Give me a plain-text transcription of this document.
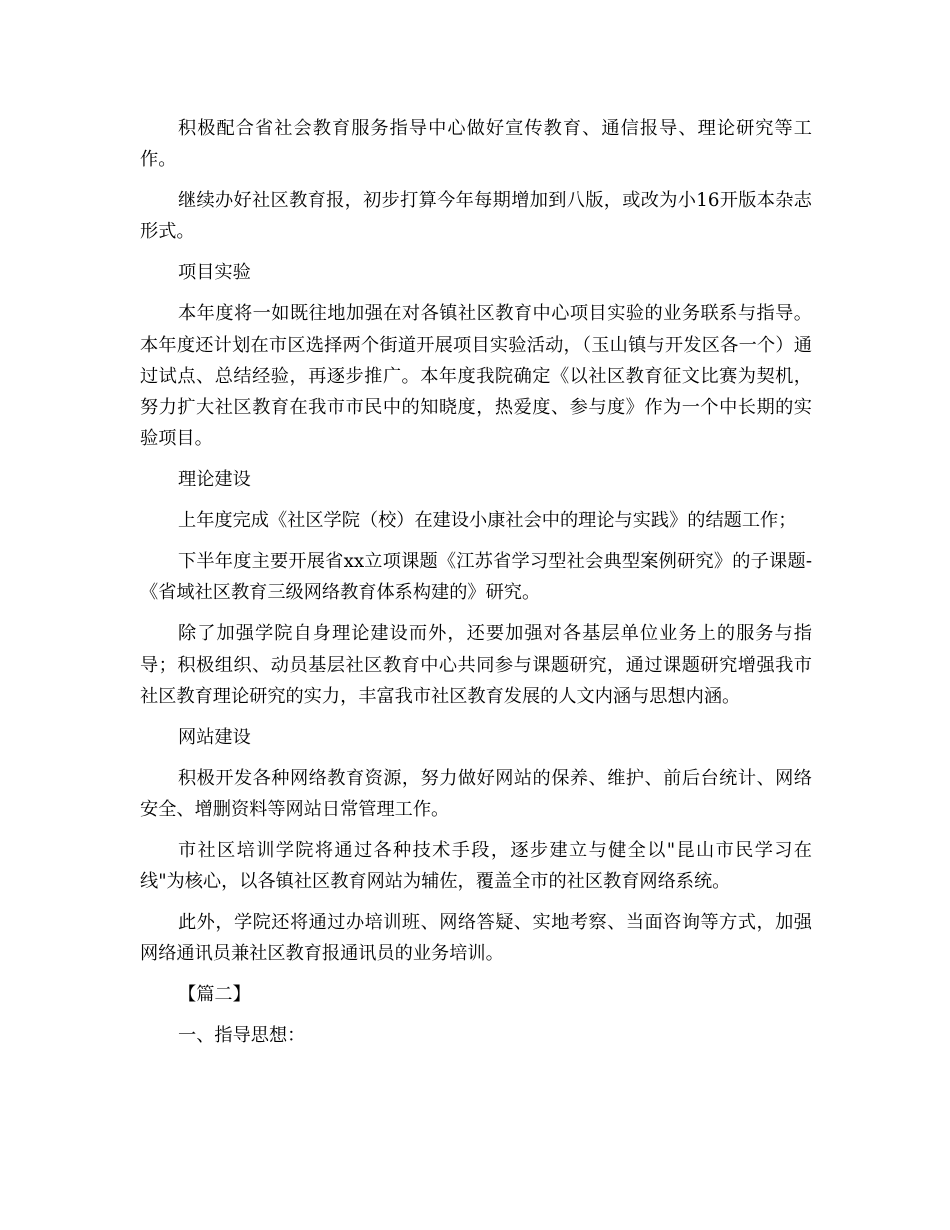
积极配合省社会教育服务指导中心做好宣传教育、通信报导、理论研究等工作。

继续办好社区教育报，初步打算今年每期增加到八版，或改为小16开版本杂志形式。

项目实验

本年度将一如既往地加强在对各镇社区教育中心项目实验的业务联系与指导。本年度还计划在市区选择两个街道开展项目实验活动，（玉山镇与开发区各一个）通过试点、总结经验，再逐步推广。本年度我院确定《以社区教育征文比赛为契机，努力扩大社区教育在我市市民中的知晓度，热爱度、参与度》作为一个中长期的实验项目。

理论建设

上年度完成《社区学院（校）在建设小康社会中的理论与实践》的结题工作；

下半年度主要开展省xx立项课题《江苏省学习型社会典型案例研究》的子课题-《省域社区教育三级网络教育体系构建的》研究。

除了加强学院自身理论建设而外，还要加强对各基层单位业务上的服务与指导；积极组织、动员基层社区教育中心共同参与课题研究，通过课题研究增强我市社区教育理论研究的实力，丰富我市社区教育发展的人文内涵与思想内涵。

网站建设

积极开发各种网络教育资源，努力做好网站的保养、维护、前后台统计、网络安全、增删资料等网站日常管理工作。

市社区培训学院将通过各种技术手段，逐步建立与健全以"昆山市民学习在线"为核心，以各镇社区教育网站为辅佐，覆盖全市的社区教育网络系统。

此外，学院还将通过办培训班、网络答疑、实地考察、当面咨询等方式，加强网络通讯员兼社区教育报通讯员的业务培训。

【篇二】

一、指导思想：
